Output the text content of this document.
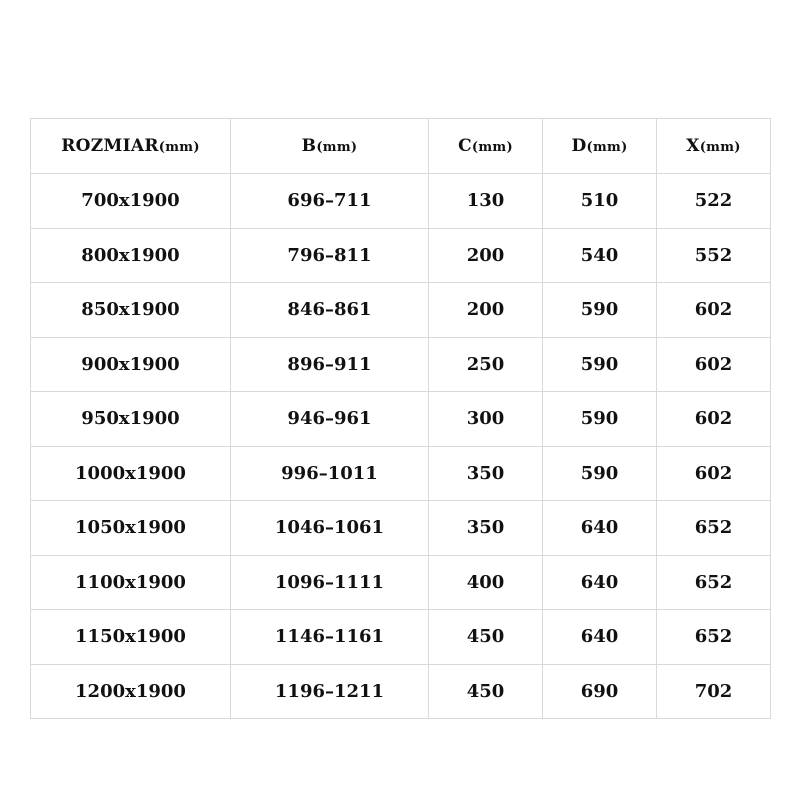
ROZMIAR(mm)	B(mm)	C(mm)	D(mm)	X(mm)
700x1900	696–711	130	510	522
800x1900	796–811	200	540	552
850x1900	846–861	200	590	602
900x1900	896–911	250	590	602
950x1900	946–961	300	590	602
1000x1900	996–1011	350	590	602
1050x1900	1046–1061	350	640	652
1100x1900	1096–1111	400	640	652
1150x1900	1146–1161	450	640	652
1200x1900	1196–1211	450	690	702
